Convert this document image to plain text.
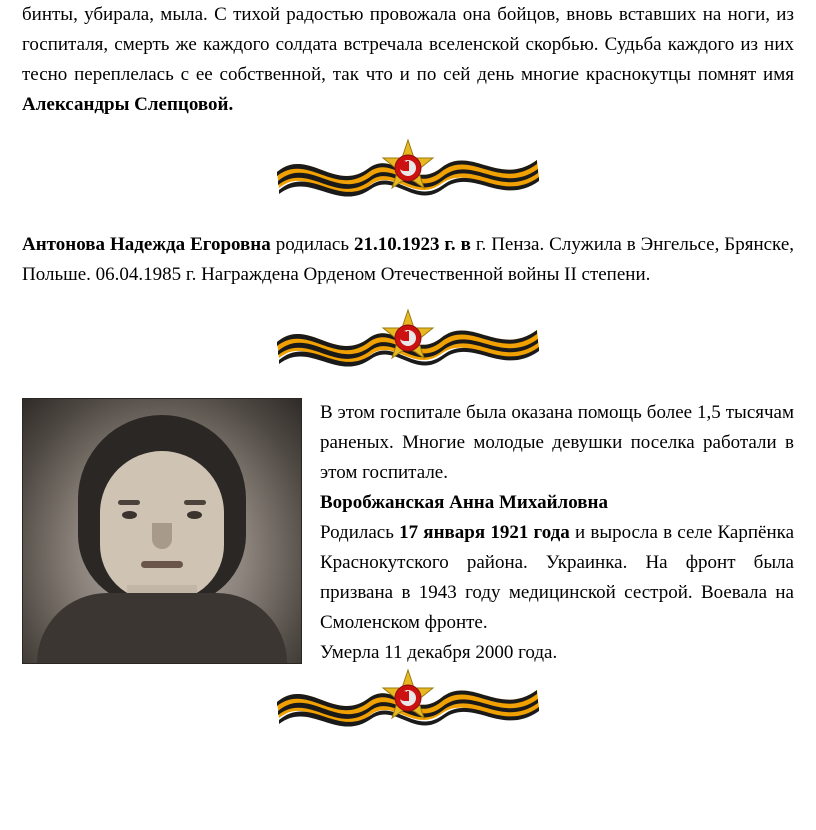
бинты, убирала, мыла. С тихой радостью провожала она бойцов, вновь вставших на ноги, из госпиталя, смерть же каждого солдата встречала вселенской скорбью. Судьба каждого из них тесно переплелась с ее собственной, так что и по сей день многие краснокутцы помнят имя Александры Слепцовой.

Антонова Надежда Егоровна родилась 21.10.1923 г. в г. Пенза. Служила в Энгельсе, Брянске, Польше. 06.04.1985 г. Награждена Орденом Отечественной войны II степени.

В этом госпитале была оказана помощь более 1,5 тысячам раненых. Многие молодые девушки поселка работали в этом госпитале.

Воробжанская Анна Михайловна

Родилась 17 января 1921 года и выросла в селе Карпёнка Краснокутского района. Украинка. На фронт была призвана в 1943 году медицинской сестрой. Воевала на Смоленском фронте.

Умерла 11 декабря 2000 года.
